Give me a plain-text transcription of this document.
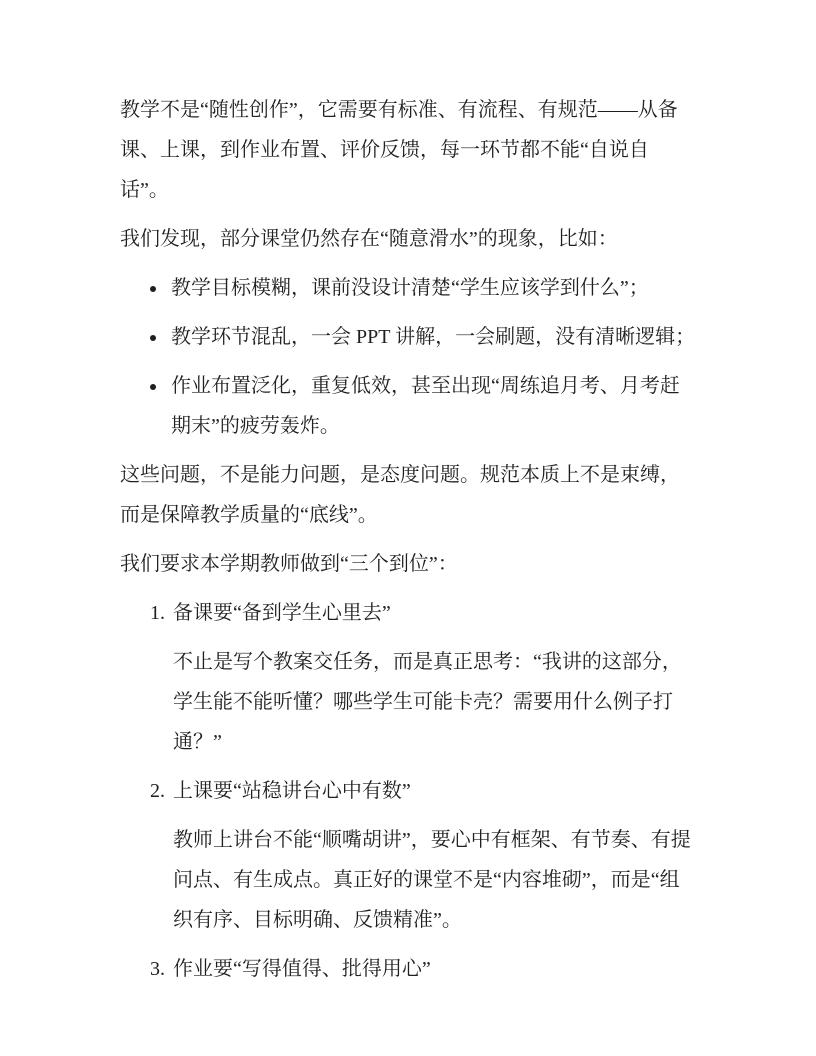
教学不是“随性创作”，它需要有标准、有流程、有规范——从备课、上课，到作业布置、评价反馈，每一环节都不能“自说自话”。

我们发现，部分课堂仍然存在“随意滑水”的现象，比如：

• 教学目标模糊，课前没设计清楚“学生应该学到什么”；
• 教学环节混乱，一会 PPT 讲解，一会刷题，没有清晰逻辑；
• 作业布置泛化，重复低效，甚至出现“周练追月考、月考赶期末”的疲劳轰炸。

这些问题，不是能力问题，是态度问题。规范本质上不是束缚，而是保障教学质量的“底线”。

我们要求本学期教师做到“三个到位”：

1. 备课要“备到学生心里去”

不止是写个教案交任务，而是真正思考：“我讲的这部分，学生能不能听懂？哪些学生可能卡壳？需要用什么例子打通？”

2. 上课要“站稳讲台心中有数”

教师上讲台不能“顺嘴胡讲”，要心中有框架、有节奏、有提问点、有生成点。真正好的课堂不是“内容堆砌”，而是“组织有序、目标明确、反馈精准”。

3. 作业要“写得值得、批得用心”
